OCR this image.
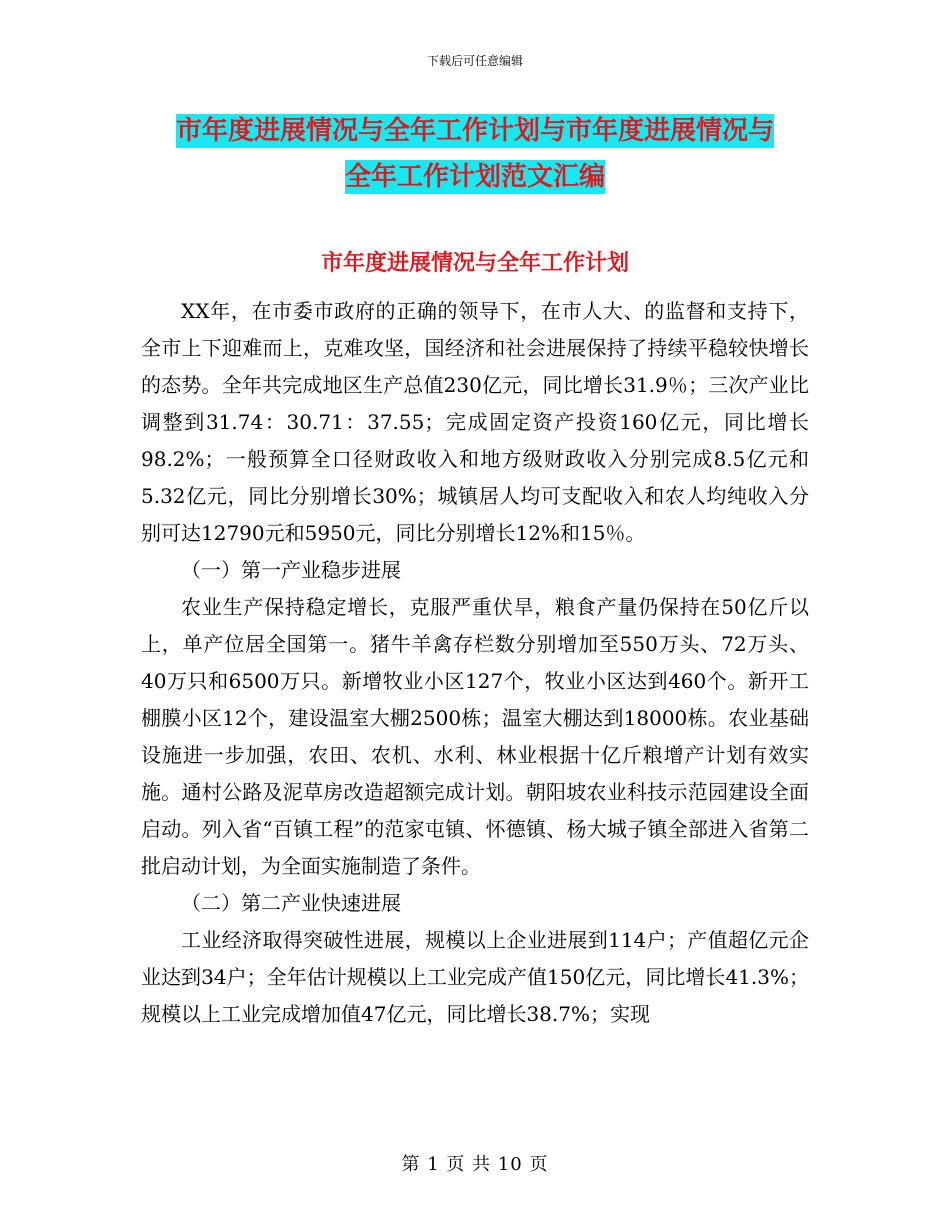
下载后可任意编辑
市年度进展情况与全年工作计划与市年度进展情况与
全年工作计划范文汇编
市年度进展情况与全年工作计划

XX年，在市委市政府的正确的领导下，在市人大、的监督和支持下，全市上下迎难而上，克难攻坚，国经济和社会进展保持了持续平稳较快增长的态势。全年共完成地区生产总值230亿元，同比增长31.9％；三次产业比调整到31.74：30.71：37.55；完成固定资产投资160亿元，同比增长98.2%；一般预算全口径财政收入和地方级财政收入分别完成8.5亿元和5.32亿元，同比分别增长30%；城镇居人均可支配收入和农人均纯收入分别可达12790元和5950元，同比分别增长12%和15％。

（一）第一产业稳步进展

农业生产保持稳定增长，克服严重伏旱，粮食产量仍保持在50亿斤以上，单产位居全国第一。猪牛羊禽存栏数分别增加至550万头、72万头、40万只和6500万只。新增牧业小区127个，牧业小区达到460个。新开工棚膜小区12个，建设温室大棚2500栋；温室大棚达到18000栋。农业基础设施进一步加强，农田、农机、水利、林业根据十亿斤粮增产计划有效实施。通村公路及泥草房改造超额完成计划。朝阳坡农业科技示范园建设全面启动。列入省“百镇工程”的范家屯镇、怀德镇、杨大城子镇全部进入省第二批启动计划，为全面实施制造了条件。

（二）第二产业快速进展

工业经济取得突破性进展，规模以上企业进展到114户；产值超亿元企业达到34户；全年估计规模以上工业完成产值150亿元，同比增长41.3%；规模以上工业完成增加值47亿元，同比增长38.7%；实现

第 1 页 共 10 页
